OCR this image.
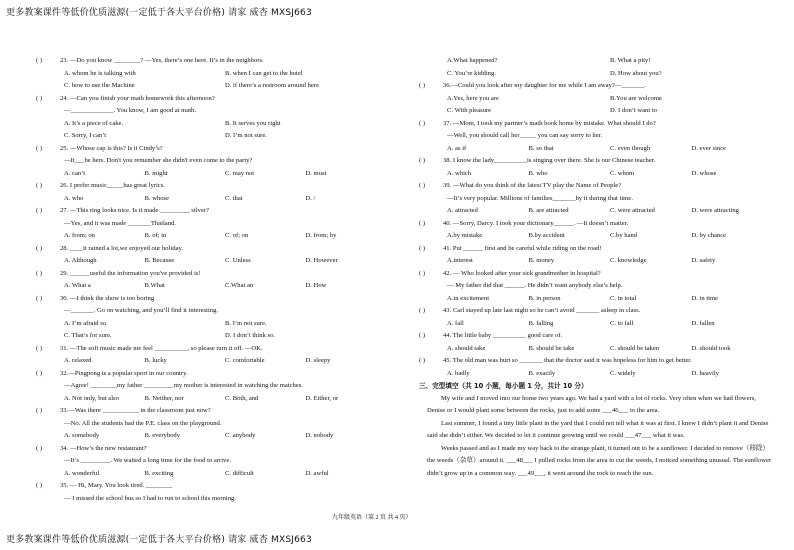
更多教案课件等低价优质滋源(一定低于各大平台价格) 请家 威杏 MXSJ663
( )	23. —Do you know ________? —Yes, there’s one here. It’s in the neighbors.
A. whom he is talking with	B. when I can get to the hotel
C. how to use the Machine	D. if there’s a restroom around here
( )	24. —Can you finish your math homework this afternoon?
—_____________. You know, I am good at math.
A. It’s a piece of cake.	B. It serves you right
C. Sorry, I can’t	D. I’m not sure.
( )	25. —Whose cap is this? Is it Cindy’s?
—It___be hers. Don't you remember she didn't even come to the party?
A. can’t	B. might	C. may not	D. must
( )	26. I prefer music_____has great lyrics.
A. who	B. whose	C. that	D. /
( )	27. —This ring looks nice. Is it made _________ silver?
—Yes, and it was made _______Thailand.
A. from; on	B. of; in	C. of; on	D. from; by
( )	28. ____it rained a lot,we enjoyed our holiday.
A. Although	B. Because	C. Unless	D. However
( )	29. ______useful the information you've provided is!
A. What a	B.What	C.What an	D. How
( )	30. —I think the show is too boring
—_______. Go on watching, and you’ll find it interesting.
A. I’m afraid so.	B. I’m not sure.
C. That’s for sure.	D. I don’t think so.
( )	31. —The soft music made me feel __________, so please turn it off. —OK.
A. relaxed	B. lucky	C. comfortable	D. sleepy
( )	32.—Pingpong is a popular sport in our country.
—Agree! ________my father _________my mother is interested in watching the matches.
A. Not only, but also	B. Neither, nor	C. Both, and	D. Either, or
( )	33.—Was there ___________ in the classroom just now?
—No. All the students had the P.E. class on the playground.
A. somebody	B. everybody	C. anybody	D. nobody
( )	34. —How’s the new restaurant?
—It’s _________. We waited a long time for the food to arrive.
A. wonderful	B. exciting	C. difficult	D. awful
( )	35. — Hi, Mary. You look tired. ________
— I missed the school bus so I had to run to school this morning.
A.What happened?	B. What a pity!
C. You’re kidding.	D. How about you?
( )	36.—Could you look after my daughter for me while I am away?—_______.
A.Yes, here you are	B.You are welcome
C. With pleasure	D. I don’t want to
( )	37. —Mom, I took my partner’s math book home by mistake. What should I do?
—Well, you should call her_____ you can say sorry to her.
A. as if	B. so that	C. even though	D. ever since
( )	38. I know the lady__________is singing over there. She is our Chinese teacher.
A. which	B. who	C. whom	D. whose
( )	39. —What do you think of the latest TV play the Name of People?
—It’s very popular. Millions of families_______by it during that time.
A. attracted	B. are attracted	C. were attracted	D. were attracting
( )	40. —Sorry, Darcy. I took your dictionary______. —It doesn’t matter.
A.by mistake	B.by accident	C.by hand	D. by chance
( )	41. Put ______ first and be careful while riding on the road!
A.interest	B. money	C. knowledge	D. safety
( )	42. — Who looked after your sick grandmother in hospital?
— My father did that ______. He didn’t want anybody else’s help.
A.in excitement	B. in person	C. in total	D. in time
( )	43. Carl stayed up late last night so he can’t avoid _______ asleep in class.
A. fall	B. falling	C. to fall	D. fallen
( )	44. The little baby __________ good care of.
A. should take	B. should be take	C. should be taken	D. should took
( )	45. The old man was hurt so _______ that the doctor said it was hopeless for him to get better.
A. badly	B. exactly	C. widely	D. heavily
三、完型填空（共 10 小题，每小题 1 分，共计 10 分）
My wife and I moved into our home two years ago. We had a yard with a lot of rocks. Very often when we had flowers, Denise or I would plant some between the rocks, just to add some ___46___ to the area.
Last summer, I found a tiny little plant in the yard that I could not tell what it was at first. I knew I didn’t plant it and Denise said she didn’t either. We decided to let it continue growing until we could ___47___ what it was.
Weeks passed and as I made my way back to the strange plant, it turned out to be a sunflower. I decided to remove（移除） the weeds（杂草）around it. ___48___ I pulled rocks from the area to cut the weeds, I noticed something unusual. The sunflower didn’t grow up in a common way. ___49___, it went around the rock to reach the sun.
九年级英语（第 2 页 共 4 页）
更多教案课件等低价优质滋源(一定低于各大平台价格) 请家 威杏 MXSJ663
